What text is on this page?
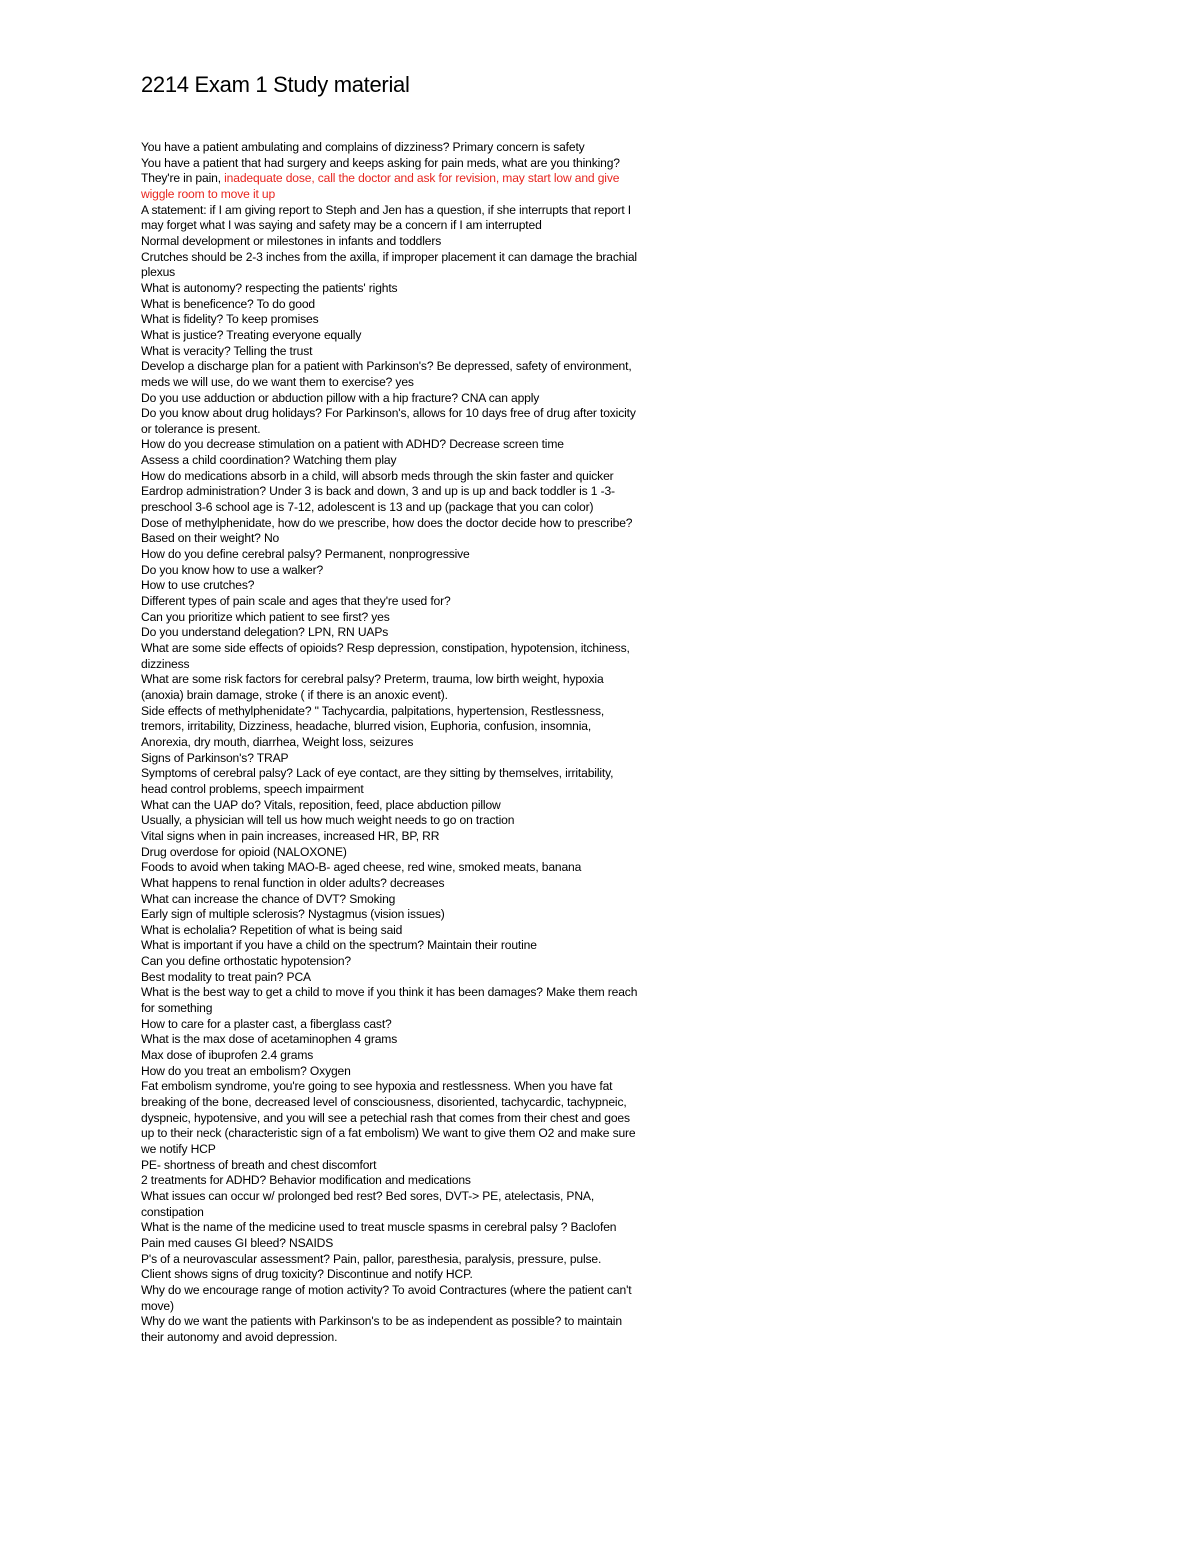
2214 Exam 1 Study material
You have a patient ambulating and complains of dizziness? Primary concern is safety
You have a patient that had surgery and keeps asking for pain meds, what are you thinking?
They're in pain, inadequate dose, call the doctor and ask for revision, may start low and give
wiggle room to move it up
A statement: if I am giving report to Steph and Jen has a question, if she interrupts that report I
may forget what I was saying and safety may be a concern if I am interrupted
Normal development or milestones in infants and toddlers
Crutches should be 2-3 inches from the axilla, if improper placement it can damage the brachial
plexus
What is autonomy? respecting the patients' rights
What is beneficence? To do good
What is fidelity? To keep promises
What is justice? Treating everyone equally
What is veracity? Telling the trust
Develop a discharge plan for a patient with Parkinson's? Be depressed, safety of environment,
meds we will use, do we want them to exercise? yes
Do you use adduction or abduction pillow with a hip fracture? CNA can apply
Do you know about drug holidays? For Parkinson's, allows for 10 days free of drug after toxicity
or tolerance is present.
How do you decrease stimulation on a patient with ADHD? Decrease screen time
Assess a child coordination? Watching them play
How do medications absorb in a child, will absorb meds through the skin faster and quicker
Eardrop administration? Under 3 is back and down, 3 and up is up and back toddler is 1 -3-
preschool 3-6 school age is 7-12, adolescent is 13 and up (package that you can color)
Dose of methylphenidate, how do we prescribe, how does the doctor decide how to prescribe?
Based on their weight? No
How do you define cerebral palsy? Permanent, nonprogressive
Do you know how to use a walker?
How to use crutches?
Different types of pain scale and ages that they're used for?
Can you prioritize which patient to see first? yes
Do you understand delegation? LPN, RN UAPs
What are some side effects of opioids? Resp depression, constipation, hypotension, itchiness,
dizziness
What are some risk factors for cerebral palsy? Preterm, trauma, low birth weight, hypoxia
(anoxia) brain damage, stroke ( if there is an anoxic event).
Side effects of methylphenidate? " Tachycardia, palpitations, hypertension, Restlessness,
tremors, irritability, Dizziness, headache, blurred vision, Euphoria, confusion, insomnia,
Anorexia, dry mouth, diarrhea, Weight loss, seizures
Signs of Parkinson's? TRAP
Symptoms of cerebral palsy? Lack of eye contact, are they sitting by themselves, irritability,
head control problems, speech impairment
What can the UAP do? Vitals, reposition, feed, place abduction pillow
Usually, a physician will tell us how much weight needs to go on traction
Vital signs when in pain increases, increased HR, BP, RR
Drug overdose for opioid (NALOXONE)
Foods to avoid when taking MAO-B- aged cheese, red wine, smoked meats, banana
What happens to renal function in older adults? decreases
What can increase the chance of DVT? Smoking
Early sign of multiple sclerosis? Nystagmus (vision issues)
What is echolalia? Repetition of what is being said
What is important if you have a child on the spectrum? Maintain their routine
Can you define orthostatic hypotension?
Best modality to treat pain? PCA
What is the best way to get a child to move if you think it has been damages? Make them reach
for something
How to care for a plaster cast, a fiberglass cast?
What is the max dose of acetaminophen 4 grams
Max dose of ibuprofen 2.4 grams
How do you treat an embolism? Oxygen
Fat embolism syndrome, you're going to see hypoxia and restlessness. When you have fat
breaking of the bone, decreased level of consciousness, disoriented, tachycardic, tachypneic,
dyspneic, hypotensive, and you will see a petechial rash that comes from their chest and goes
up to their neck (characteristic sign of a fat embolism) We want to give them O2 and make sure
we notify HCP
PE- shortness of breath and chest discomfort
2 treatments for ADHD? Behavior modification and medications
What issues can occur w/ prolonged bed rest? Bed sores, DVT-> PE, atelectasis, PNA,
constipation
What is the name of the medicine used to treat muscle spasms in cerebral palsy ? Baclofen
Pain med causes GI bleed? NSAIDS
P's of a neurovascular assessment? Pain, pallor, paresthesia, paralysis, pressure, pulse.
Client shows signs of drug toxicity? Discontinue and notify HCP.
Why do we encourage range of motion activity? To avoid Contractures (where the patient can't
move)
Why do we want the patients with Parkinson's to be as independent as possible? to maintain
their autonomy and avoid depression.
